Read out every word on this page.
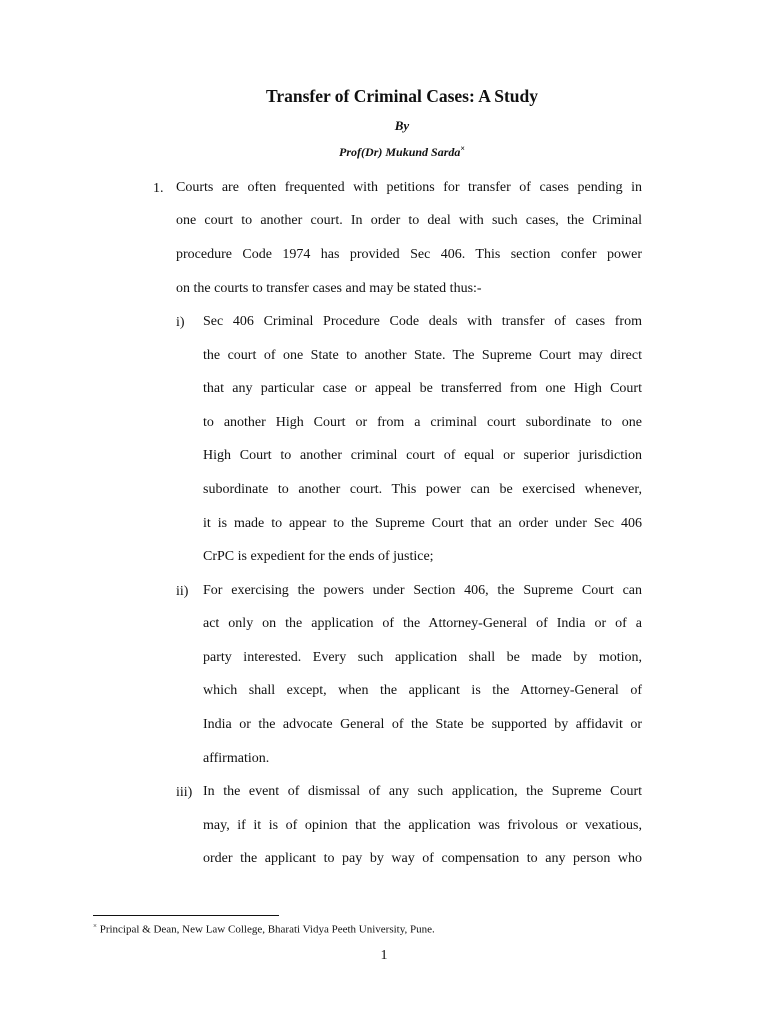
Transfer of Criminal Cases: A Study
By
Prof(Dr) Mukund Sarda×
1. Courts are often frequented with petitions for transfer of cases pending in
one court to another court. In order to deal with such cases, the Criminal
procedure Code 1974 has provided Sec 406. This section confer power
on the courts to transfer cases and may be stated thus:-
i) Sec 406 Criminal Procedure Code deals with transfer of cases from
the court of one State to another State. The Supreme Court may direct
that any particular case or appeal be transferred from one High Court
to another High Court or from a criminal court subordinate to one
High Court to another criminal court of equal or superior jurisdiction
subordinate to another court. This power can be exercised whenever,
it is made to appear to the Supreme Court that an order under Sec 406
CrPC is expedient for the ends of justice;
ii) For exercising the powers under Section 406, the Supreme Court can
act only on the application of the Attorney-General of India or of a
party interested. Every such application shall be made by motion,
which shall except, when the applicant is the Attorney-General of
India or the advocate General of the State be supported by affidavit or
affirmation.
iii) In the event of dismissal of any such application, the Supreme Court
may, if it is of opinion that the application was frivolous or vexatious,
order the applicant to pay by way of compensation to any person who
× Principal & Dean, New Law College, Bharati Vidya Peeth University, Pune.
1
